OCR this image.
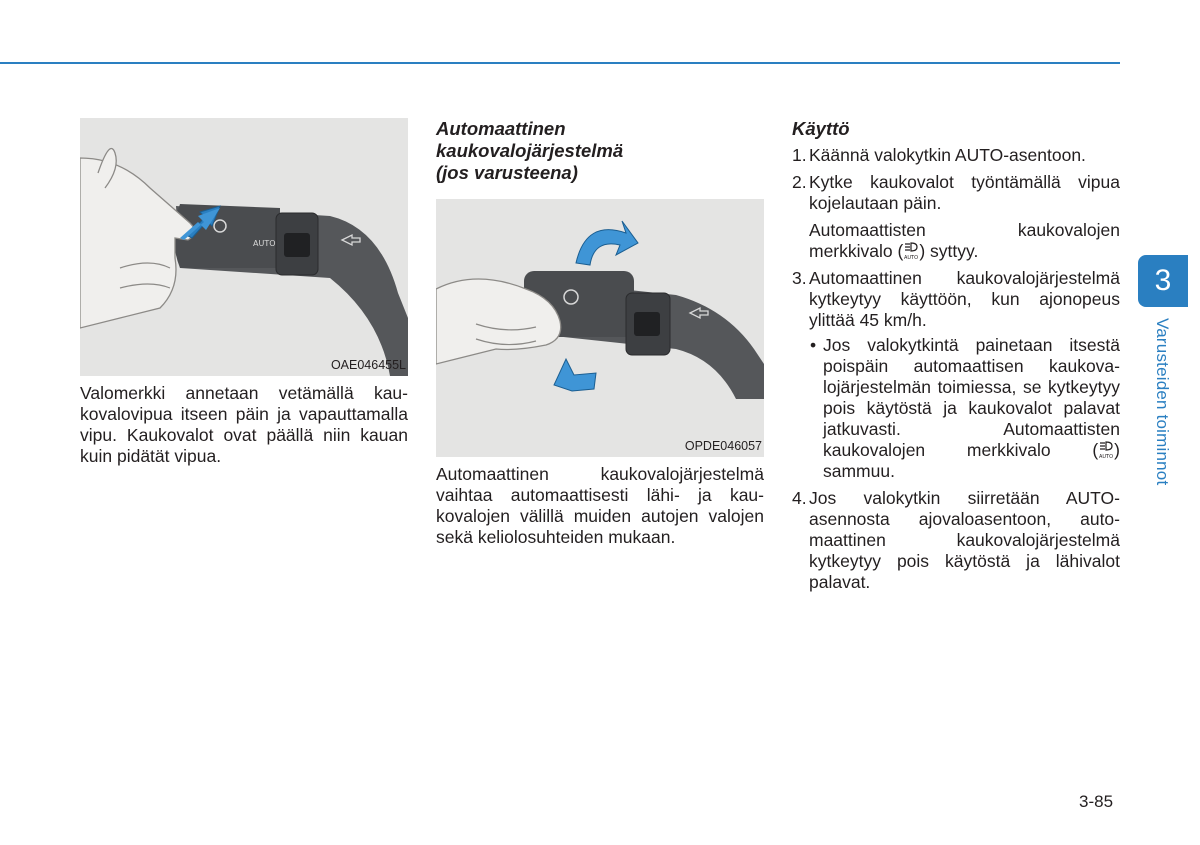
AUTO
OAE046455L

Valomerkki annetaan vetämällä kaukovalovipua itseen päin ja vapauttamalla vipu. Kaukovalot ovat päällä niin kauan kuin pidätät vipua.

Automaattinen

kaukovalojärjestelmä

(jos varusteena)

OPDE046057

Automaattinen kaukovalojärjestelmä vaihtaa automaattisesti lähi- ja kaukovalojen välillä muiden autojen valojen sekä keliolosuhteiden mukaan.

Käyttö

1. Käännä valokytkin AUTO-asentoon.
2. Kytke kaukovalot työntämällä vipua kojelautaan päin.
Automaattisten kaukovalojen merkkivalo ( AUTO ) syttyy.
3. Automaattinen kaukovalojärjestelmä kytkeytyy käyttöön, kun ajonopeus ylittää 45 km/h.
• Jos valokytkintä painetaan itsestä poispäin automaattisen kaukovalojärjestelmän toimiessa, se kytkeytyy pois käytöstä ja kaukovalot palavat jatkuvasti. Automaattisten kaukovalojen merkkivalo ( AUTO ) sammuu.
4. Jos valokytkin siirretään AUTO-asennosta ajovaloasentoon, automaattinen kaukovalojärjestelmä kytkeytyy pois käytöstä ja lähivalot palavat.
3
Varusteiden toiminnot
3-85
